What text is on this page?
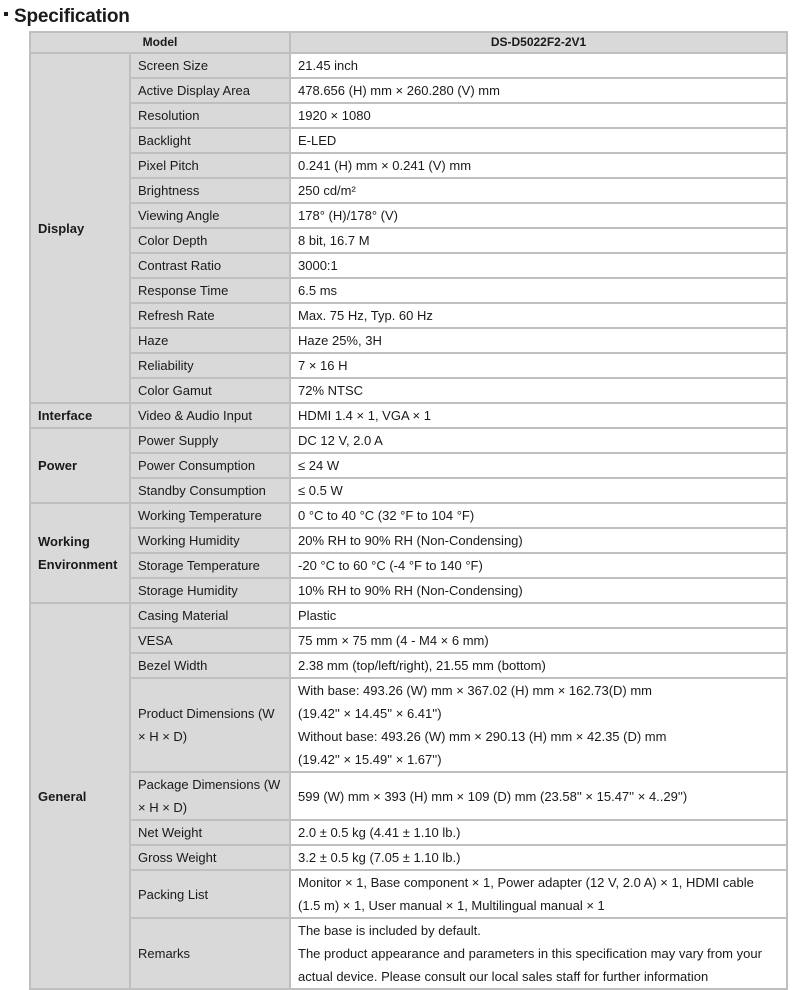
Specification
Model		DS-D5022F2-2V1
Display	Screen Size	21.45 inch

	Active Display Area	478.656 (H) mm × 260.280 (V) mm

	Resolution	1920 × 1080

	Backlight	E-LED

	Pixel Pitch	0.241 (H) mm × 0.241 (V) mm

	Brightness	250 cd/m²

	Viewing Angle	178° (H)/178° (V)

	Color Depth	8 bit, 16.7 M

	Contrast Ratio	3000:1

	Response Time	6.5 ms

	Refresh Rate	Max. 75 Hz, Typ. 60 Hz

	Haze	Haze 25%, 3H

	Reliability	7 × 16 H

	Color Gamut	72% NTSC

Interface	Video & Audio Input	HDMI 1.4 × 1, VGA × 1

Power	Power Supply	DC 12 V, 2.0 A

	Power Consumption	≤ 24 W

	Standby Consumption	≤ 0.5 W

Working Environment	Working Temperature	0 °C to 40 °C (32 °F to 104 °F)

	Working Humidity	20% RH to 90% RH (Non-Condensing)

	Storage Temperature	-20 °C to 60 °C (-4 °F to 140 °F)

	Storage Humidity	10% RH to 90% RH (Non-Condensing)

General	Casing Material	Plastic

	VESA	75 mm × 75 mm (4 - M4 × 6 mm)

	Bezel Width	2.38 mm (top/left/right), 21.55 mm (bottom)

	Product Dimensions (W × H × D)	With base: 493.26 (W) mm × 367.02 (H) mm × 162.73(D) mm
(19.42'' × 14.45'' × 6.41'')
Without base: 493.26 (W) mm × 290.13 (H) mm × 42.35 (D) mm
(19.42'' × 15.49'' × 1.67'')

	Package Dimensions (W × H × D)	599 (W) mm × 393 (H) mm × 109 (D) mm (23.58'' × 15.47'' × 4..29'')

	Net Weight	2.0 ± 0.5 kg (4.41 ± 1.10 lb.)

	Gross Weight	3.2 ± 0.5 kg (7.05 ± 1.10 lb.)

	Packing List	Monitor × 1, Base component × 1, Power adapter (12 V, 2.0 A) × 1, HDMI cable (1.5 m) × 1, User manual × 1, Multilingual manual × 1

	Remarks	The base is included by default.
The product appearance and parameters in this specification may vary from your actual device. Please consult our local sales staff for further information
